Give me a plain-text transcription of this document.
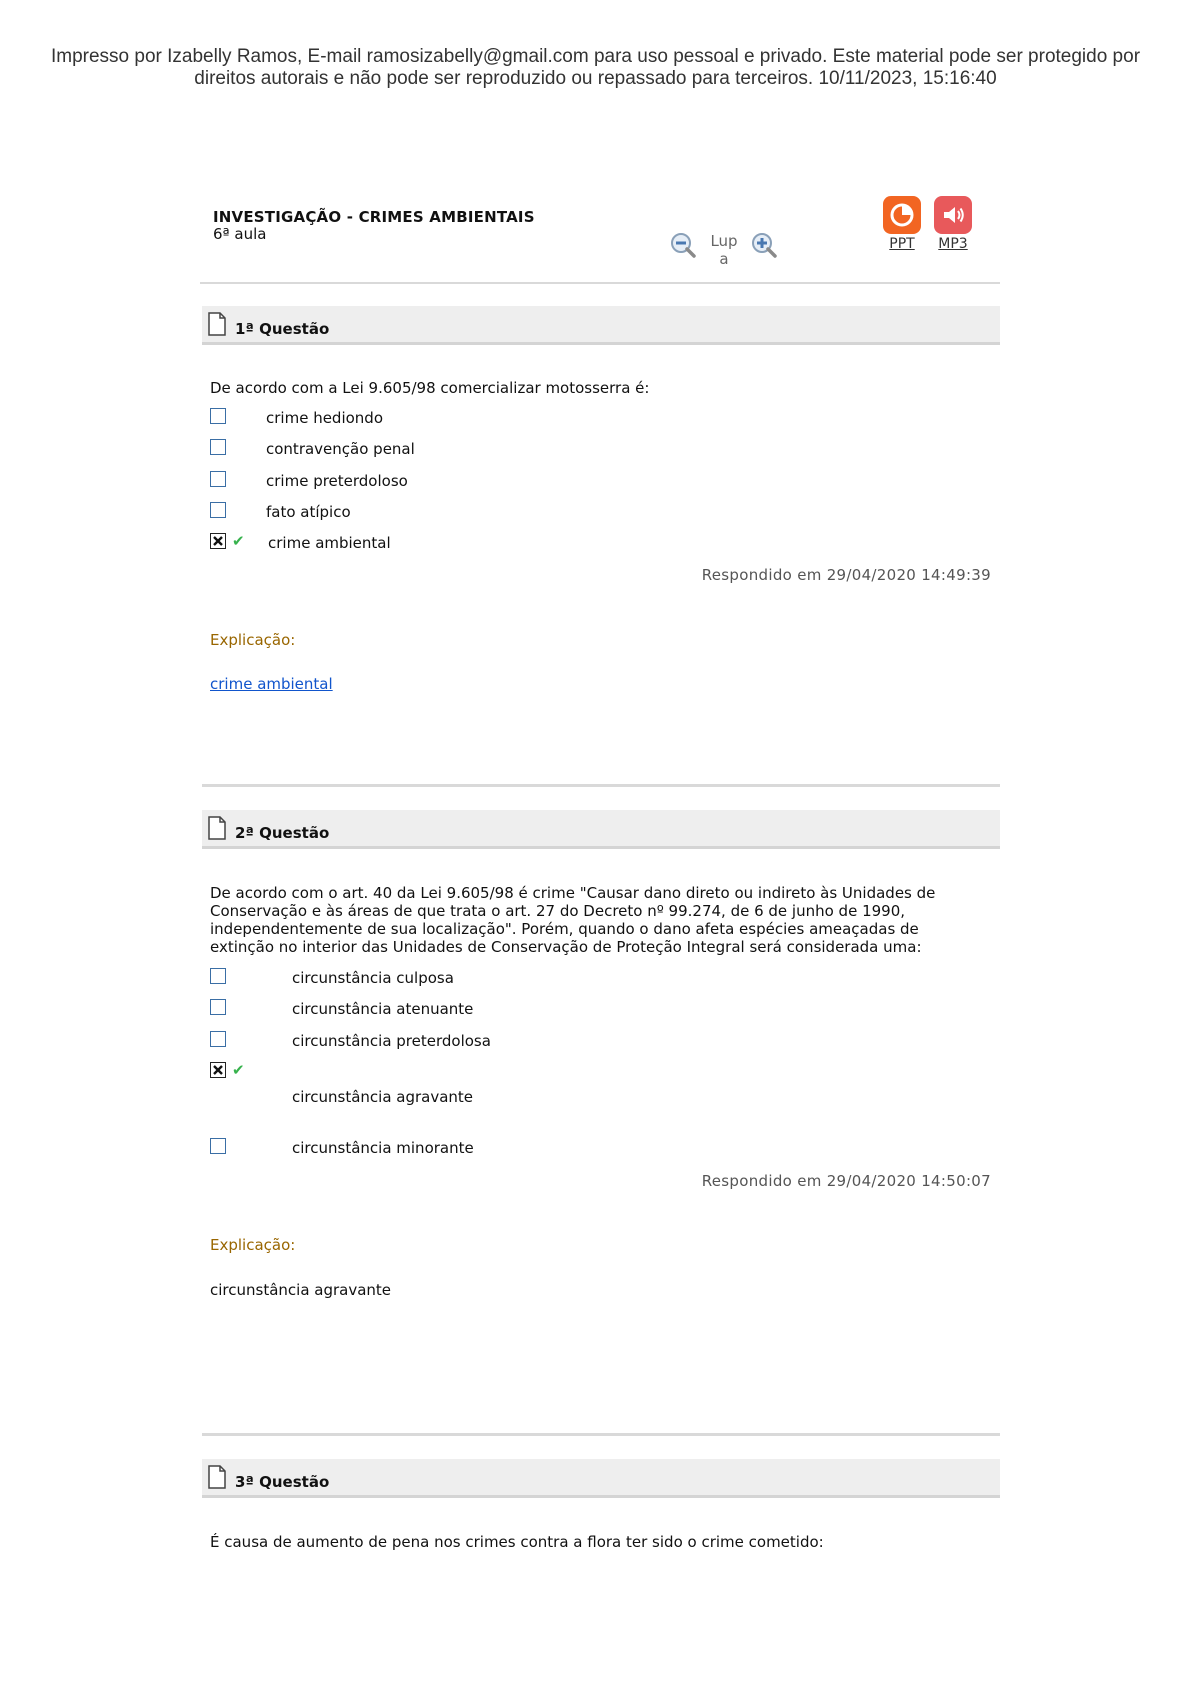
Impresso por Izabelly Ramos, E-mail ramosizabelly@gmail.com para uso pessoal e privado. Este material pode ser protegido por
direitos autorais e não pode ser reproduzido ou repassado para terceiros. 10/11/2023, 15:16:40
INVESTIGAÇÃO - CRIMES AMBIENTAIS
6ª aula	Lupa
PPT	MP3
1ª Questão
De acordo com a Lei 9.605/98 comercializar motosserra é:
crime hediondo
contravenção penal
crime preterdoloso
fato atípico
✔ crime ambiental
Respondido em 29/04/2020 14:49:39
Explicação:
crime ambiental
2ª Questão
De acordo com o art. 40 da Lei 9.605/98 é crime "Causar dano direto ou indireto às Unidades de Conservação e às áreas de que trata o art. 27 do Decreto nº 99.274, de 6 de junho de 1990, independentemente de sua localização". Porém, quando o dano afeta espécies ameaçadas de extinção no interior das Unidades de Conservação de Proteção Integral será considerada uma:
circunstância culposa
circunstância atenuante
circunstância preterdolosa
✔
circunstância agravante
circunstância minorante
Respondido em 29/04/2020 14:50:07
Explicação:
circunstância agravante
3ª Questão
É causa de aumento de pena nos crimes contra a flora ter sido o crime cometido:
